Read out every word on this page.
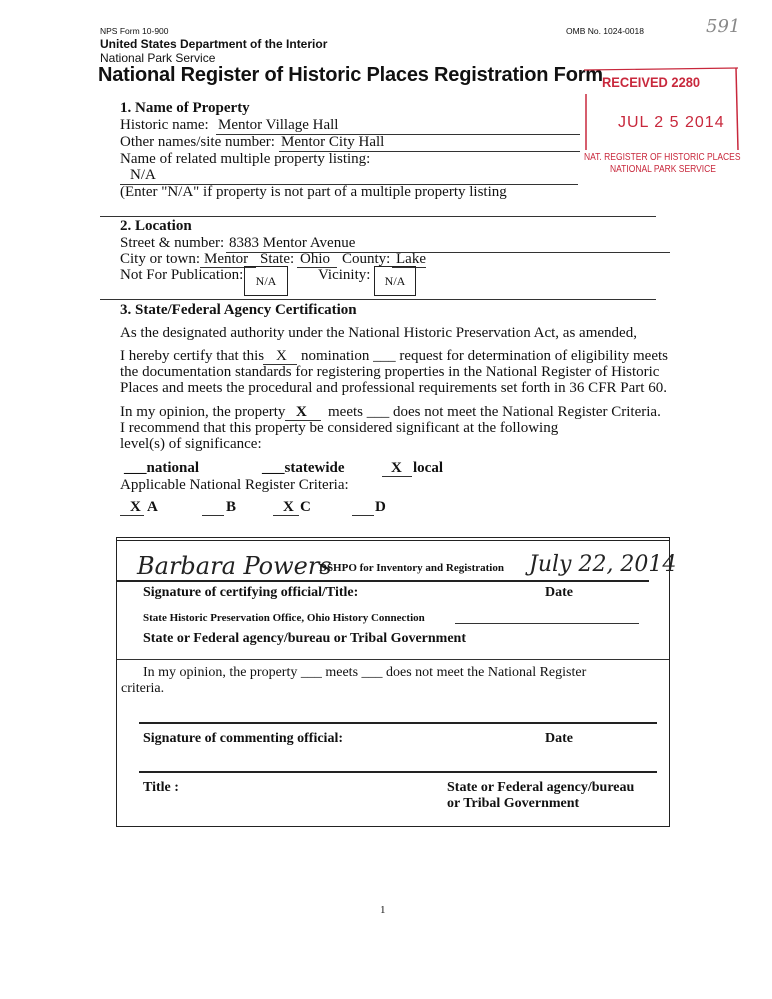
NPS Form 10-900	OMB No. 1024-0018
United States Department of the Interior
National Park Service
591
National Register of Historic Places Registration Form RECEIVED 2280
JUL 2 5 2014
NAT. REGISTER OF HISTORIC PLACES
NATIONAL PARK SERVICE
1. Name of Property
Historic name: Mentor Village Hall
Other names/site number: Mentor City Hall
Name of related multiple property listing:
N/A
(Enter "N/A" if property is not part of a multiple property listing
2. Location
Street & number: 8383 Mentor Avenue
City or town: Mentor State: Ohio County: Lake
Not For Publication:	N/A	Vicinity:	N/A
3. State/Federal Agency Certification
As the designated authority under the National Historic Preservation Act, as amended,
I hereby certify that this X nomination ___ request for determination of eligibility meets
the documentation standards for registering properties in the National Register of Historic
Places and meets the procedural and professional requirements set forth in 36 CFR Part 60.
In my opinion, the property X meets ___ does not meet the National Register Criteria.
I recommend that this property be considered significant at the following
level(s) of significance:
___national	___statewide	X local
Applicable National Register Criteria:
X A	B	X C	D
Barbara Powers
DSHPO for Inventory and Registration July 22, 2014
Signature of certifying official/Title:	Date
State Historic Preservation Office, Ohio History Connection
State or Federal agency/bureau or Tribal Government
In my opinion, the property ___ meets ___ does not meet the National Register
criteria.
Signature of commenting official:	Date
Title :	State or Federal agency/bureau
or Tribal Government
1
